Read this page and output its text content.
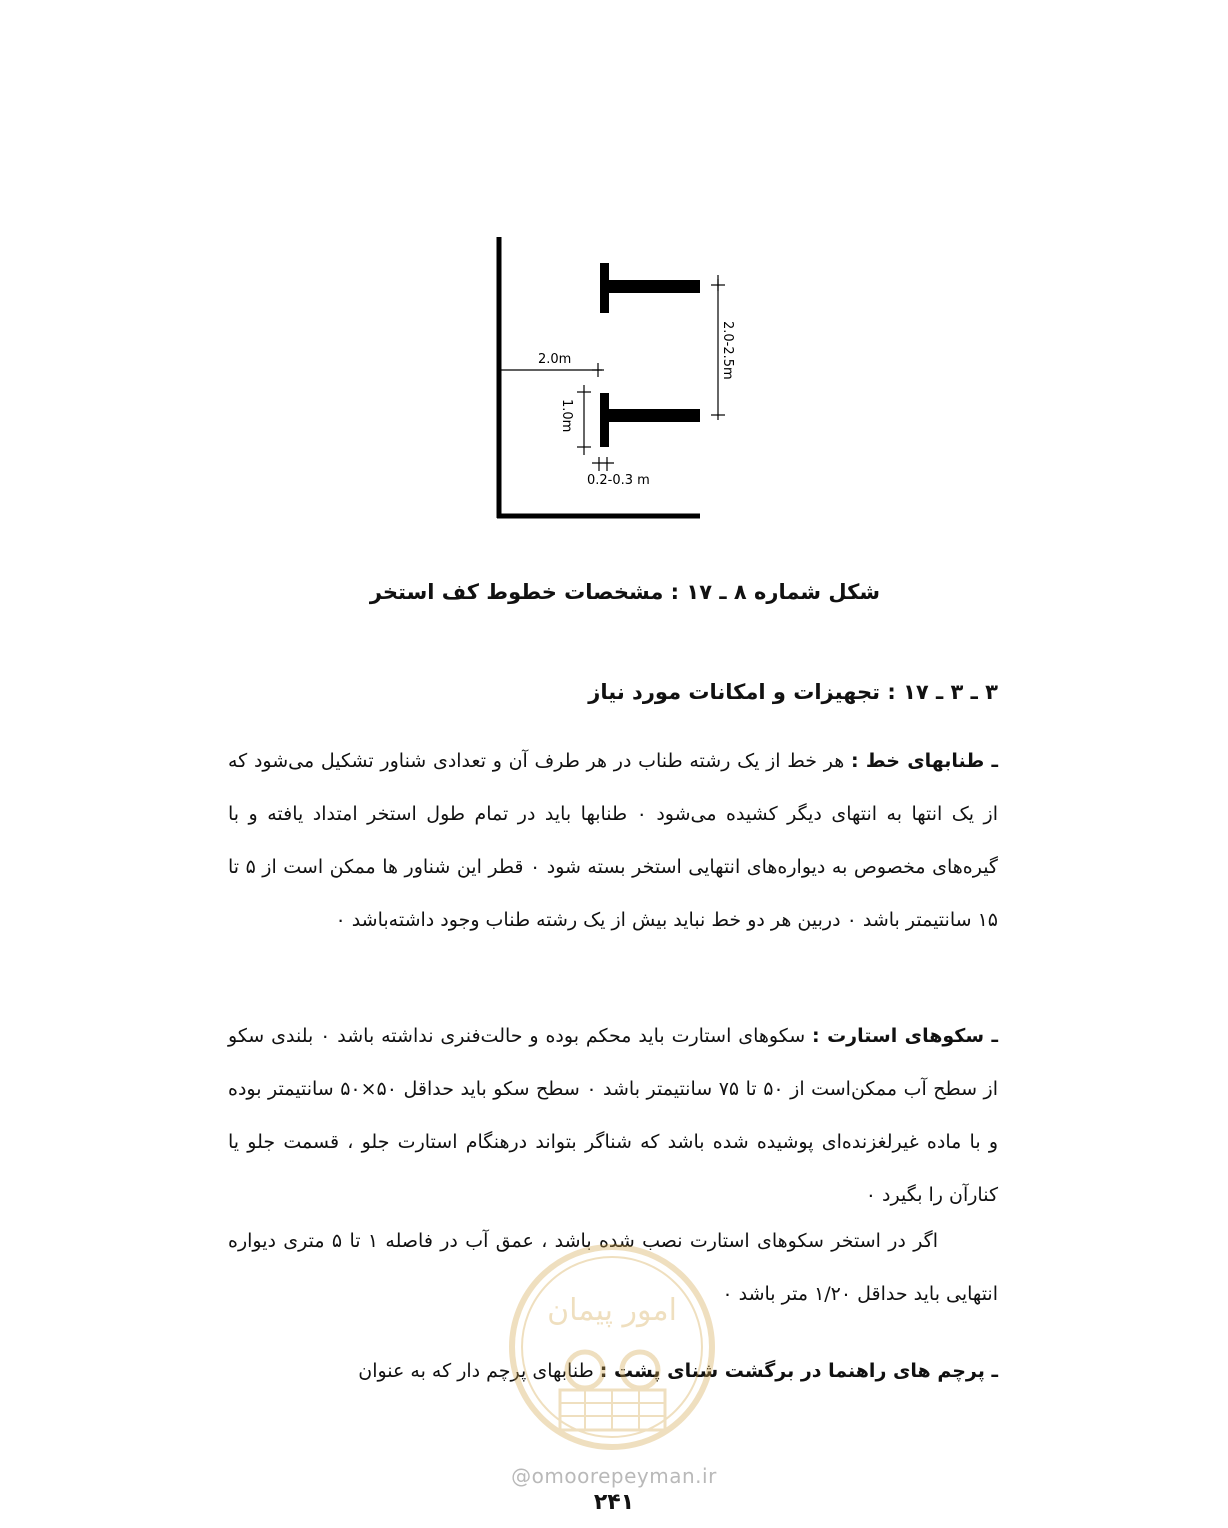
2.0m	2.0-2.5m
1.0m
0.2-0.3 m
شکل شماره ۸ ـ ۱۷ : مشخصات خطوط کف استخر
۳ ـ ۳ ـ ۱۷ : تجهیزات و امکانات مورد نیاز
ـ طنابهای خط : هر خط از یک رشته طناب در هر طرف آن و تعدادی شناور تشکیل می‌شود که از یک انتها به انتهای دیگر کشیده می‌شود ۰ طنابها باید در تمام طول استخر امتداد یافته و با گیره‌های مخصوص به دیواره‌های انتهایی استخر بسته شود ۰ قطر این شناور ها ممکن است از ۵ تا ۱۵ سانتیمتر باشد ۰ دربین هر دو خط نباید بیش از یک رشته طناب وجود داشته‌باشد ۰
ـ سکوهای استارت : سکوهای استارت باید محکم بوده و حالت‌فنری نداشته باشد ۰ بلندی سکو از سطح آب ممکن‌است از ۵۰ تا ۷۵ سانتیمتر باشد ۰ سطح سکو باید حداقل ۵۰×۵۰ سانتیمتر بوده و با ماده غیرلغزنده‌ای پوشیده شده باشد که شناگر بتواند درهنگام استارت جلو ، قسمت جلو یا کنارآن را بگیرد ۰
اگر در استخر سکوهای استارت نصب شده باشد ، عمق آب در فاصله ۱ تا ۵ متری دیواره انتهایی باید حداقل ۱/۲۰ متر باشد ۰
ـ پرچم های راهنما در برگشت شنای پشت : طنابهای پرچم دار که به عنوان
امور پیمان
@omoorepeyman.ir
۲۴۱
